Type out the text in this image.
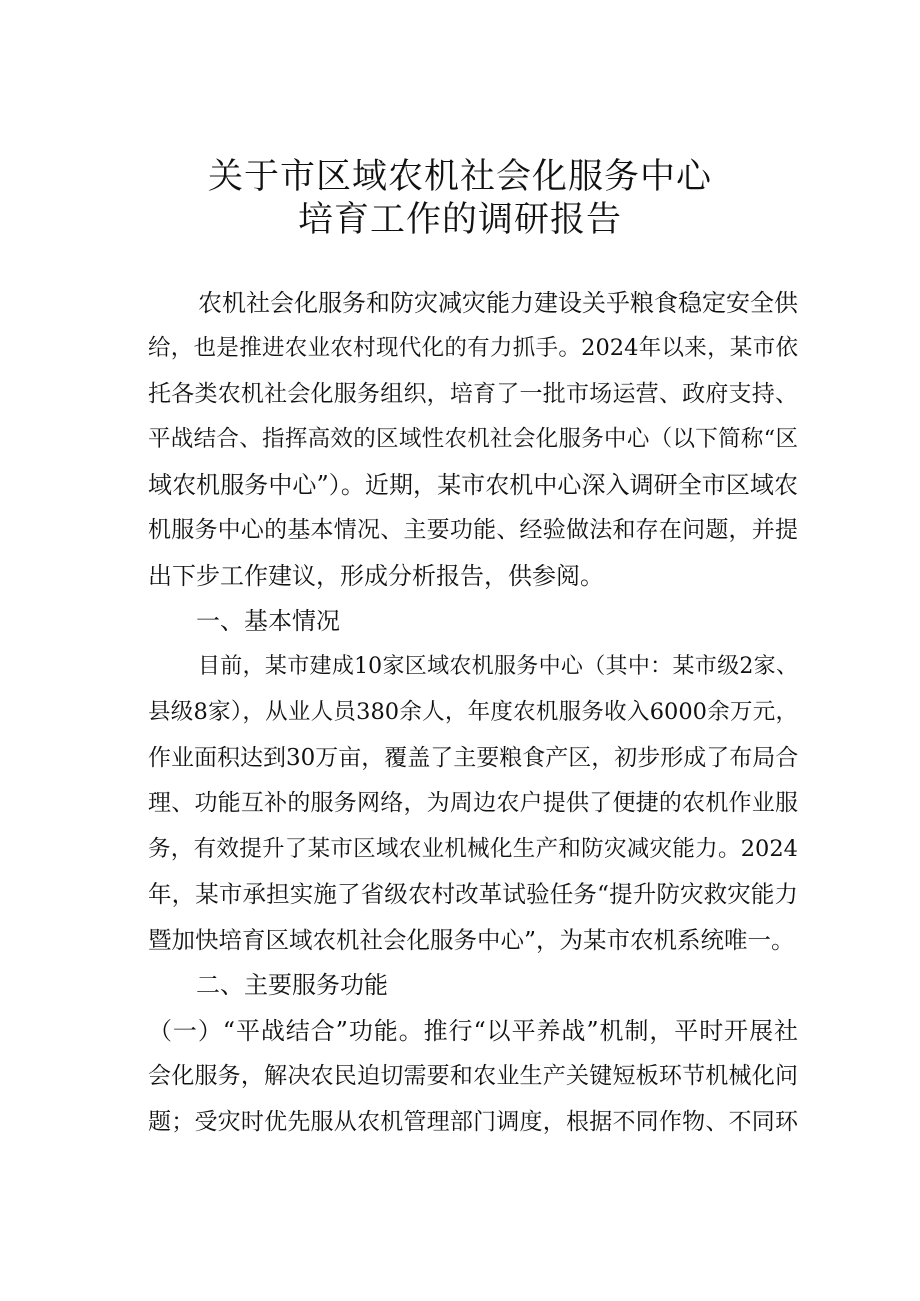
关于市区域农机社会化服务中心
培育工作的调研报告
农机社会化服务和防灾减灾能力建设关乎粮食稳定安全供
给，也是推进农业农村现代化的有力抓手。2024年以来，某市依
托各类农机社会化服务组织，培育了一批市场运营、政府支持、
平战结合、指挥高效的区域性农机社会化服务中心（以下简称“区
域农机服务中心”）。近期，某市农机中心深入调研全市区域农
机服务中心的基本情况、主要功能、经验做法和存在问题，并提
出下步工作建议，形成分析报告，供参阅。
一、基本情况
目前，某市建成10家区域农机服务中心（其中：某市级2家、
县级8家），从业人员380余人，年度农机服务收入6000余万元，
作业面积达到30万亩，覆盖了主要粮食产区，初步形成了布局合
理、功能互补的服务网络，为周边农户提供了便捷的农机作业服
务，有效提升了某市区域农业机械化生产和防灾减灾能力。2024
年，某市承担实施了省级农村改革试验任务“提升防灾救灾能力
暨加快培育区域农机社会化服务中心”，为某市农机系统唯一。
二、主要服务功能
（一）“平战结合”功能。推行“以平养战”机制，平时开展社
会化服务，解决农民迫切需要和农业生产关键短板环节机械化问
题；受灾时优先服从农机管理部门调度，根据不同作物、不同环
